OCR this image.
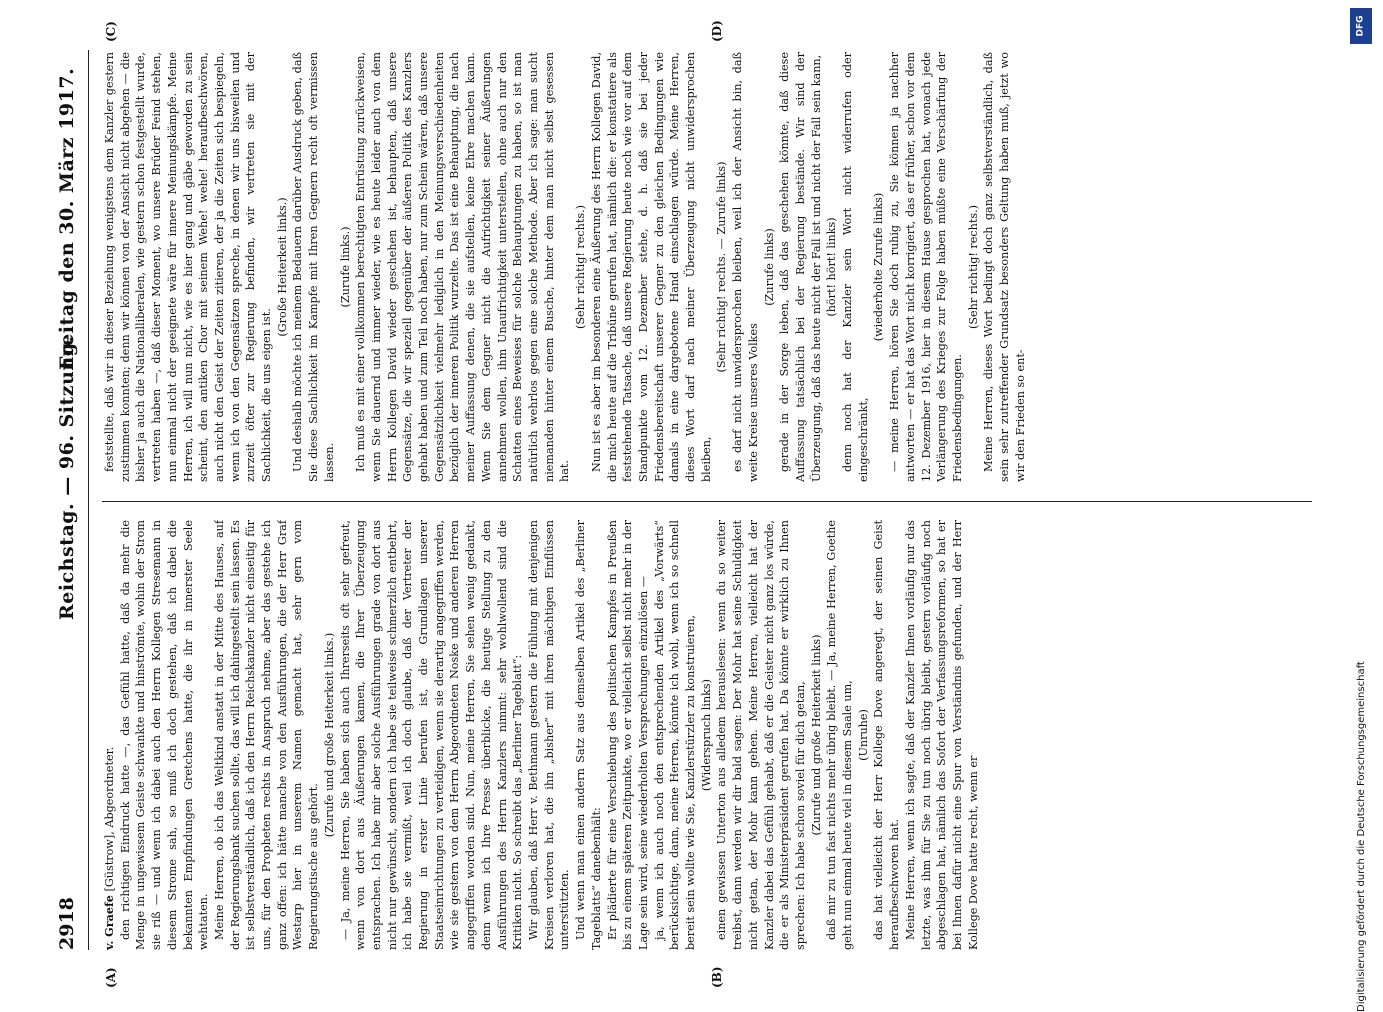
2918
Reichstag. — 96. Sitzung.
Freitag den 30. März 1917.
(A)	(B)
(C)	(D)

v. Graefe [Güstrow], Abgeordneter. den richtigen Eindruck hatte —, das Gefühl hatte, daß da mehr die Menge in ungewissem Geiste schwankte und hinströmte, wohin der Strom sie riß — und wenn ich dabei auch den Herrn Kollegen Stresemann in diesem Strome sah, so muß ich doch gestehen, daß ich dabei die bekannten Empfindungen Gretchens hatte, die ihr in innerster Seele wehtaten. Meine Herren, ob ich das Weltkind anstatt in der Mitte des Hauses, auf der Regierungsbank suchen sollte, das will ich dahingestellt sein lassen. Es ist selbstverständlich, daß ich den Herrn Reichskanzler nicht einseitig für uns, für den Propheten rechts in Anspruch nehme, aber das gestehe ich ganz offen: ich hätte manche von den Ausführungen, die der Herr Graf Westarp hier in unserem Namen gemacht hat, sehr gern vom Regierungstische aus gehört.

(Zurufe und große Heiterkeit links.) — Ja, meine Herren, Sie haben sich auch Ihrerseits oft sehr gefreut, wenn von dort aus Äußerungen kamen, die Ihrer Überzeugung entsprachen. Ich habe mir aber solche Ausführungen grade von dort aus nicht nur gewünscht, sondern ich habe sie teilweise schmerzlich entbehrt, ich habe sie vermißt, weil ich doch glaube, daß der Vertreter der Regierung in erster Linie berufen ist, die Grundlagen unserer Staatseinrichtungen zu verteidigen, wenn sie derartig angegriffen werden, wie sie gestern von dem Herrn Abgeordneten Noske und anderen Herren angegriffen worden sind. Nun, meine Herren, Sie sehen wenig gedankt, denn wenn ich Ihre Presse überblicke, die heutige Stellung zu den Ausführungen des Herrn Kanzlers nimmt: sehr wohlwollend sind die Kritiken nicht. So schreibt das „Berliner Tageblatt“: Wir glauben, daß Herr v. Bethmann gestern die Fühlung mit denjenigen Kreisen verloren hat, die ihn „bisher“ mit ihren mächtigen Einflüssen unterstützten. Und wenn man einen andern Satz aus demselben Artikel des „Berliner Tageblatts“ danebenhält: Er plädierte für eine Verschiebung des politischen Kampfes in Preußen bis zu einem späteren Zeitpunkte, wo er vielleicht selbst nicht mehr in der Lage sein wird, seine wiederholten Versprechungen einzulösen — ja, wenn ich auch noch den entsprechenden Artikel des „Vorwärts“ berücksichtige, dann, meine Herren, könnte ich wohl, wenn ich so schnell bereit sein wollte wie Sie, Kanzlerstürzler zu konstruieren, (Widerspruch links) einen gewissen Unterton aus alledem herauslesen: wenn du so weiter treibst, dann werden wir dir bald sagen: Der Mohr hat seine Schuldigkeit nicht getan, der Mohr kann gehen. Meine Herren, vielleicht hat der Kanzler dabei das Gefühl gehabt, daß er die Geister nicht ganz los würde, die er als Ministerpräsident gerufen hat. Da könnte er wirklich zu Ihnen sprechen: Ich habe schon soviel für dich getan, (Zurufe und große Heiterkeit links) daß mir zu tun fast nichts mehr übrig bleibt. — Ja, meine Herren, Goethe geht nun einmal heute viel in diesem Saale um, (Unruhe) das hat vielleicht der Herr Kollege Dove angeregt, der seinen Geist heraufbeschworen hat. Meine Herren, wenn ich sagte, daß der Kanzler Ihnen vorläufig nur das letzte, was ihm für Sie zu tun noch übrig bleibt, gestern vorläufig noch abgeschlagen hat, nämlich das Sofort der Verfassungsreformen, so hat er bei Ihnen dafür nicht eine Spur von Verständnis gefunden, und der Herr Kollege Dove hatte recht, wenn er

feststellte, daß wir in dieser Beziehung wenigstens dem Kanzler gestern zustimmen konnten; denn wir können von der Ansicht nicht abgehen — die bisher ja auch die Nationalliberalen, wie gestern schon festgestellt wurde, vertreten haben —, daß dieser Moment, wo unsere Brüder Feind stehen, nun einmal nicht der geeignete wäre für innere Meinungskämpfe. Meine Herren, ich will nun nicht, wie es hier gang und gäbe geworden zu sein scheint, den antiken Chor mit seinem Wehe! wehe! heraufbeschwören, auch nicht den Geist der Zeiten zitieren, der ja die Zeiten sich bespiegeln, wenn ich von den Gegensätzen spreche, in denen wir uns bisweilen und zurzeit öfter zur Regierung befinden, wir vertreten sie mit der Sachlichkeit, die uns eigen ist.

(Große Heiterkeit links.) Und deshalb möchte ich meinem Bedauern darüber Ausdruck geben, daß Sie diese Sachlichkeit im Kampfe mit Ihren Gegnern recht oft vermissen lassen.

(Zurufe links.) Ich muß es mit einer vollkommen berechtigten Entrüstung zurückweisen, wenn Sie dauernd und immer wieder, wie es heute leider auch von dem Herrn Kollegen David wieder geschehen ist, behaupten, daß unsere Gegensätze, die wir speziell gegenüber der äußeren Politik des Kanzlers gehabt haben und zum Teil noch haben, nur zum Schein wären, daß unsere Gegensätzlichkeit vielmehr lediglich in den Meinungsverschiedenheiten bezüglich der inneren Politik wurzelte. Das ist eine Behauptung, die nach meiner Auffassung denen, die sie aufstellen, keine Ehre machen kann. Wenn Sie dem Gegner nicht die Aufrichtigkeit seiner Äußerungen annehmen wollen, ihm Unaufrichtigkeit unterstellen, ohne auch nur den Schatten eines Beweises für solche Behauptungen zu haben, so ist man natürlich wehrlos gegen eine solche Methode. Aber ich sage: man sucht niemanden hinter einem Busche, hinter dem man nicht selbst gesessen hat.

(Sehr richtig! rechts.) Nun ist es aber im besonderen eine Äußerung des Herrn Kollegen David, die mich heute auf die Tribüne gerufen hat, nämlich die: er konstatiere als feststehende Tatsache, daß unsere Regierung heute noch wie vor auf dem Standpunkte vom 12. Dezember stehe, d. h. daß sie bei jeder Friedensbereitschaft unserer Gegner zu den gleichen Bedingungen wie damals in eine dargebotene Hand einschlagen würde. Meine Herren, dieses Wort darf nach meiner Überzeugung nicht unwidersprochen bleiben,

(Sehr richtig! rechts. — Zurufe links) es darf nicht unwidersprochen bleiben, weil ich der Ansicht bin, daß weite Kreise unseres Volkes

(Zurufe links) gerade in der Sorge leben, daß das geschehen könnte, daß diese Auffassung tatsächlich bei der Regierung bestände. Wir sind der Überzeugung, daß das heute nicht der Fall ist und nicht der Fall sein kann, (hört! hört! links) denn noch hat der Kanzler sein Wort nicht widerrufen oder eingeschränkt,

(wiederholte Zurufe links) — meine Herren, hören Sie doch ruhig zu, Sie können ja nachher antworten — er hat das Wort nicht korrigiert, das er früher, schon vor dem 12. Dezember 1916, hier in diesem Hause gesprochen hat, wonach jede Verlängerung des Krieges zur Folge haben müßte eine Verschärfung der Friedensbedingungen.

(Sehr richtig! rechts.) Meine Herren, dieses Wort bedingt doch ganz selbstverständlich, daß sein sehr zutreffender Grundsatz besonders Geltung haben muß, jetzt wo wir den Frieden so ent-

DFG
Digitalisierung gefördert durch die Deutsche Forschungsgemeinschaft
